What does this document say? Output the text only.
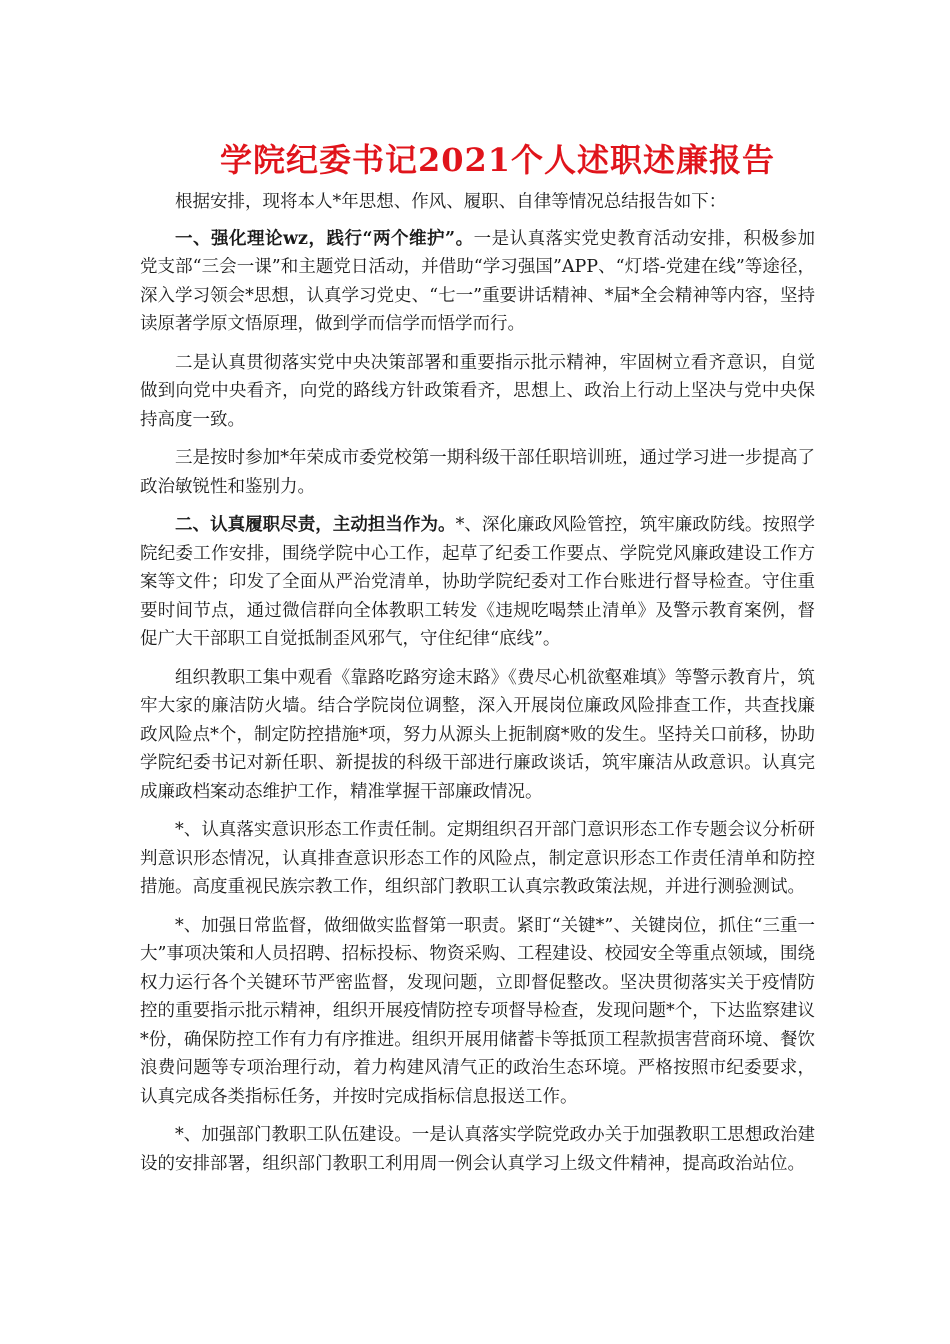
学院纪委书记2021个人述职述廉报告

根据安排，现将本人*年思想、作风、履职、自律等情况总结报告如下：

一、强化理论wz，践行“两个维护”。一是认真落实党史教育活动安排，积极参加党支部“三会一课”和主题党日活动，并借助“学习强国”APP、“灯塔-党建在线”等途径，深入学习领会*思想，认真学习党史、“七一”重要讲话精神、*届*全会精神等内容，坚持读原著学原文悟原理，做到学而信学而悟学而行。

二是认真贯彻落实党中央决策部署和重要指示批示精神，牢固树立看齐意识，自觉做到向党中央看齐，向党的路线方针政策看齐，思想上、政治上行动上坚决与党中央保持高度一致。

三是按时参加*年荣成市委党校第一期科级干部任职培训班，通过学习进一步提高了政治敏锐性和鉴别力。

二、认真履职尽责，主动担当作为。*、深化廉政风险管控，筑牢廉政防线。按照学院纪委工作安排，围绕学院中心工作，起草了纪委工作要点、学院党风廉政建设工作方案等文件；印发了全面从严治党清单，协助学院纪委对工作台账进行督导检查。守住重要时间节点，通过微信群向全体教职工转发《违规吃喝禁止清单》及警示教育案例，督促广大干部职工自觉抵制歪风邪气，守住纪律“底线”。

组织教职工集中观看《靠路吃路穷途末路》《费尽心机欲壑难填》等警示教育片，筑牢大家的廉洁防火墙。结合学院岗位调整，深入开展岗位廉政风险排查工作，共查找廉政风险点*个，制定防控措施*项，努力从源头上扼制腐*败的发生。坚持关口前移，协助学院纪委书记对新任职、新提拔的科级干部进行廉政谈话，筑牢廉洁从政意识。认真完成廉政档案动态维护工作，精准掌握干部廉政情况。

*、认真落实意识形态工作责任制。定期组织召开部门意识形态工作专题会议分析研判意识形态情况，认真排查意识形态工作的风险点，制定意识形态工作责任清单和防控措施。高度重视民族宗教工作，组织部门教职工认真宗教政策法规，并进行测验测试。

*、加强日常监督，做细做实监督第一职责。紧盯“关键*”、关键岗位，抓住“三重一大”事项决策和人员招聘、招标投标、物资采购、工程建设、校园安全等重点领域，围绕权力运行各个关键环节严密监督，发现问题，立即督促整改。坚决贯彻落实关于疫情防控的重要指示批示精神，组织开展疫情防控专项督导检查，发现问题*个，下达监察建议*份，确保防控工作有力有序推进。组织开展用储蓄卡等抵顶工程款损害营商环境、餐饮浪费问题等专项治理行动，着力构建风清气正的政治生态环境。严格按照市纪委要求，认真完成各类指标任务，并按时完成指标信息报送工作。

*、加强部门教职工队伍建设。一是认真落实学院党政办关于加强教职工思想政治建设的安排部署，组织部门教职工利用周一例会认真学习上级文件精神，提高政治站位。
